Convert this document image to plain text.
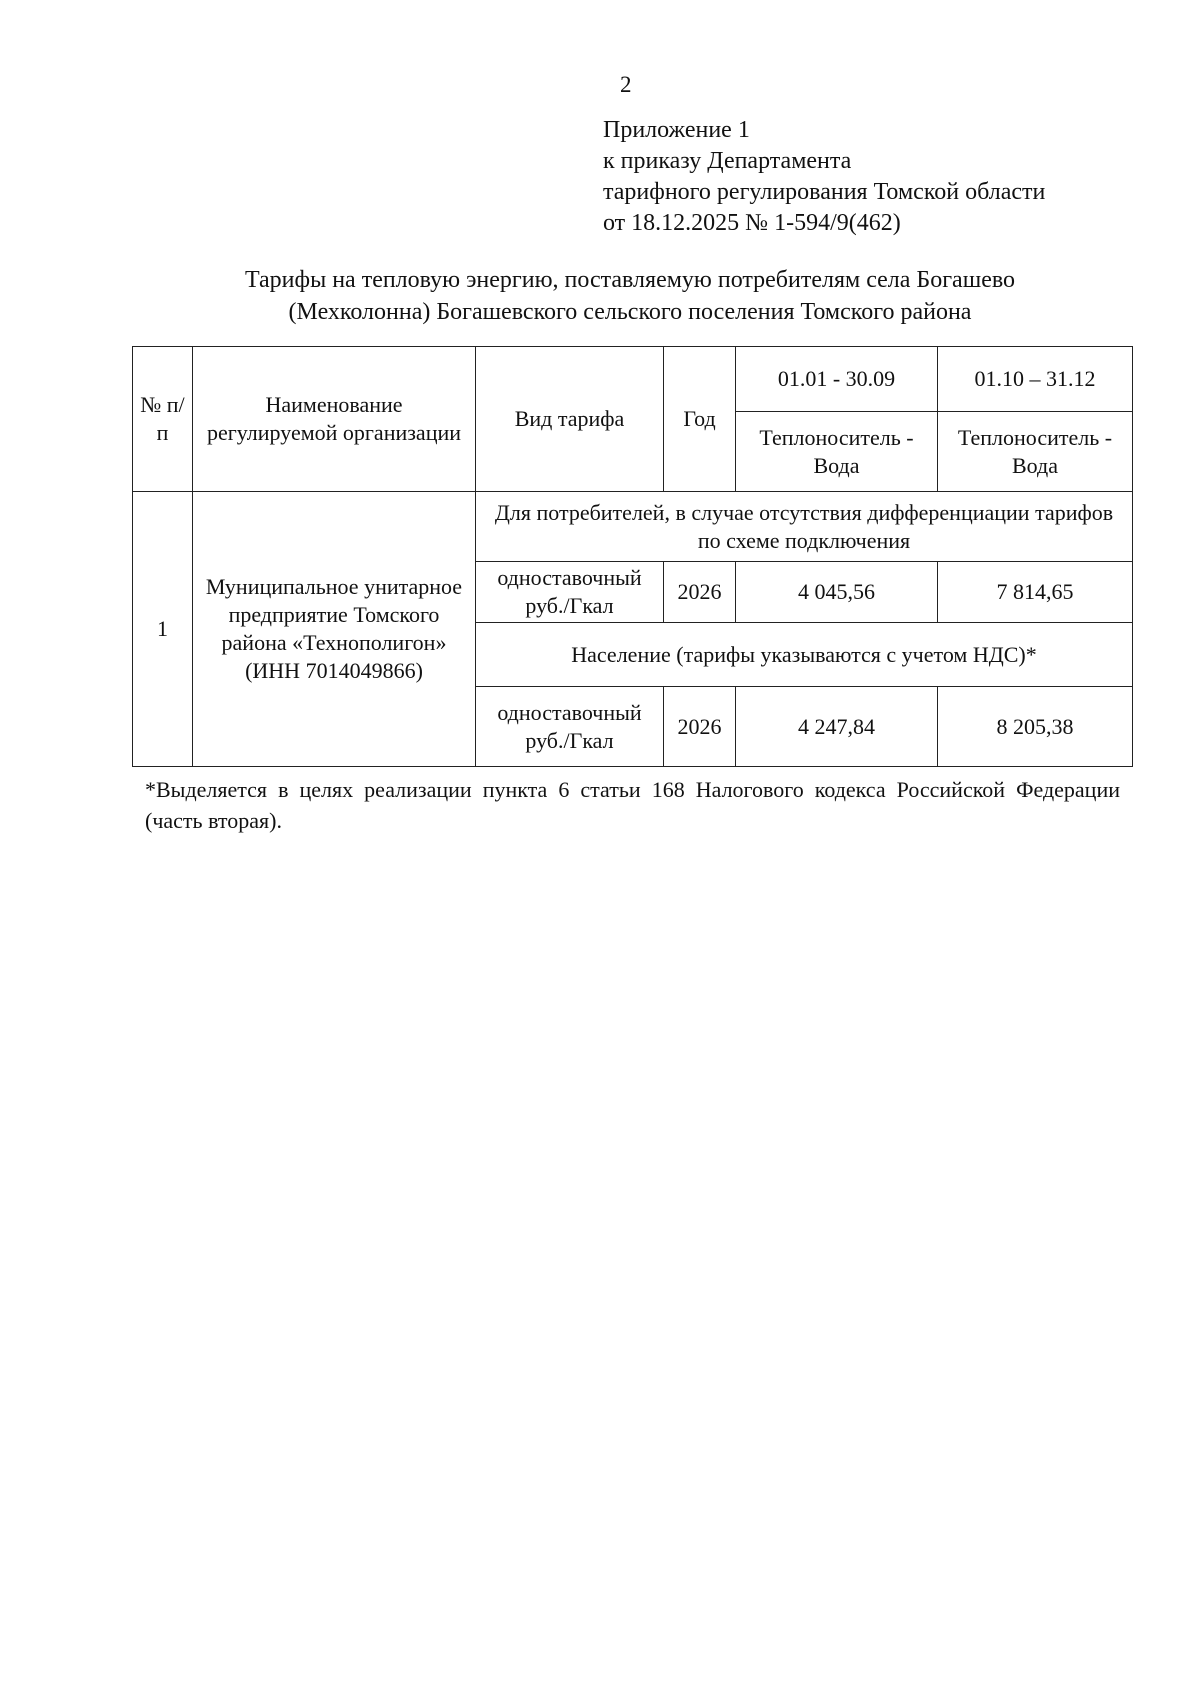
2
Приложение 1
к приказу Департамента
тарифного регулирования Томской области
от 18.12.2025 № 1-594/9(462)
Тарифы на тепловую энергию, поставляемую потребителям села Богашево
(Мехколонна) Богашевского сельского поселения Томского района
№ п/п	Наименование регулируемой организации	Вид тарифа	Год	01.01 - 30.09	01.10 – 31.12
				Теплоноситель - Вода	Теплоноситель - Вода
1	Муниципальное унитарное предприятие Томского района «Технополигон» (ИНН 7014049866)	Для потребителей, в случае отсутствия дифференциации тарифов по схеме подключения			
		одноставочный руб./Гкал	2026	4 045,56	7 814,65
		Население (тарифы указываются с учетом НДС)*			
		одноставочный руб./Гкал	2026	4 247,84	8 205,38
*Выделяется в целях реализации пункта 6 статьи 168 Налогового кодекса Российской Федерации (часть вторая).
